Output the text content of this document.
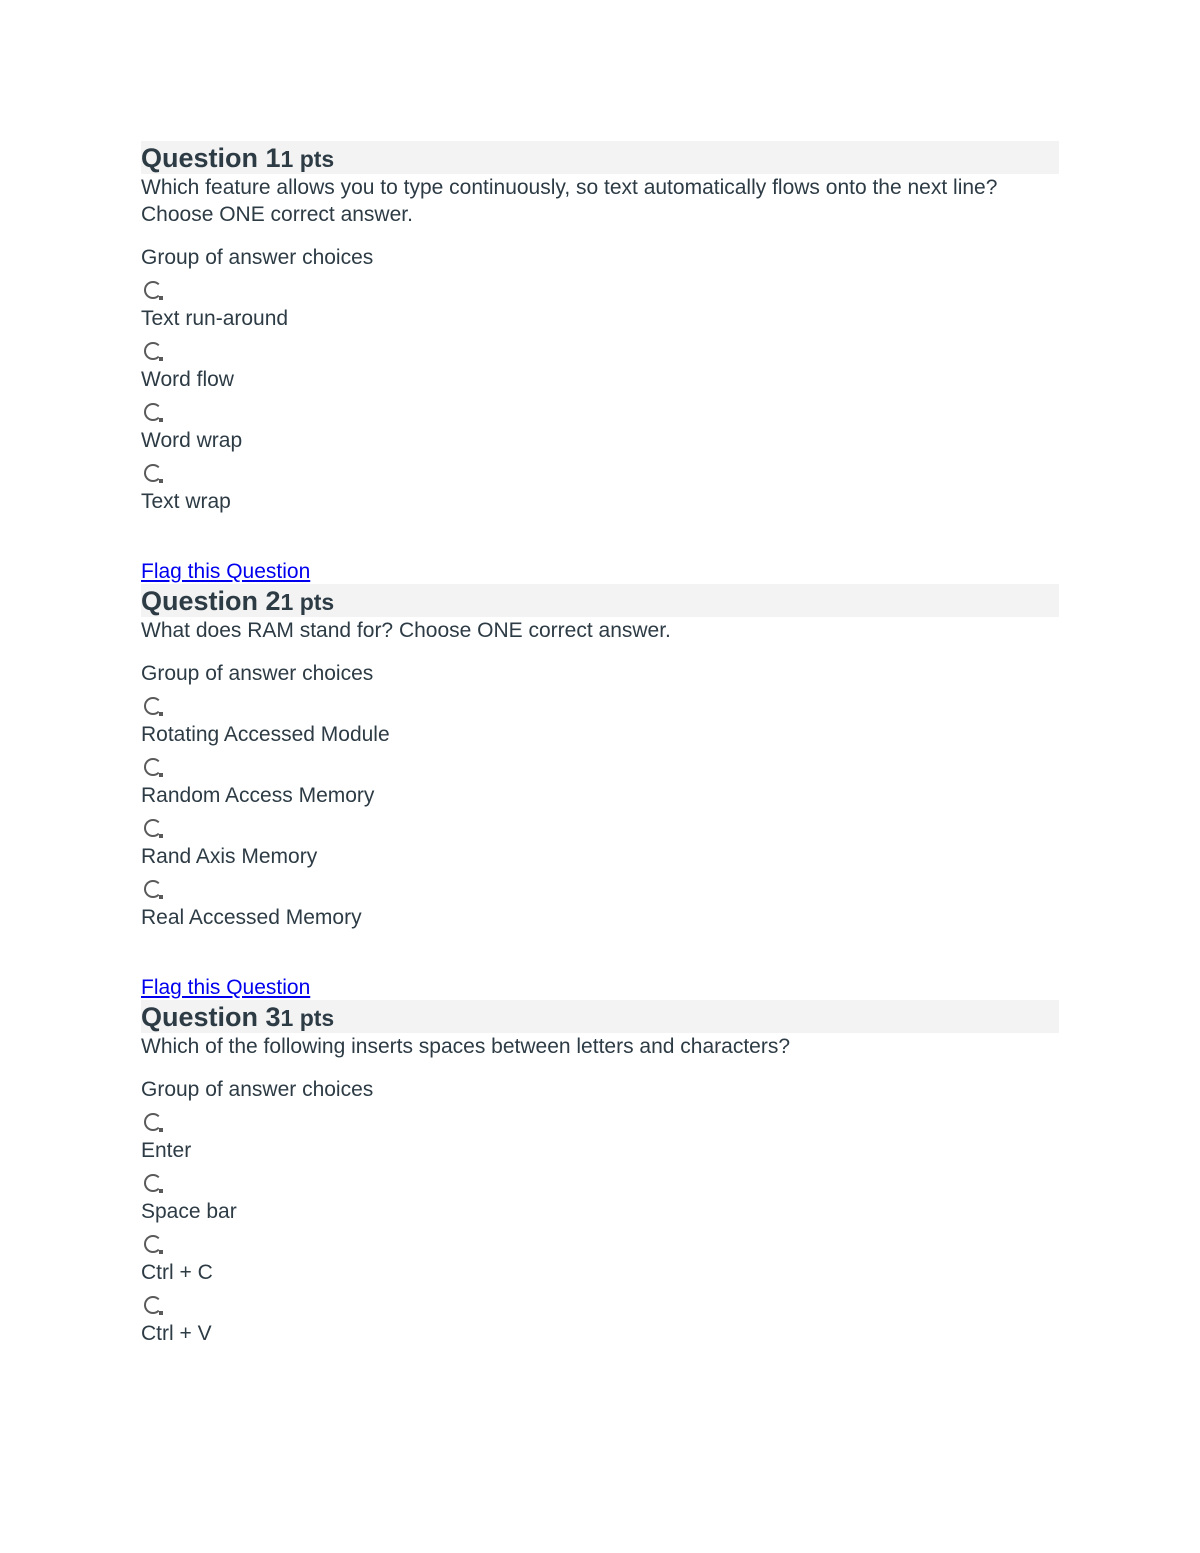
Question 11 pts
Which feature allows you to type continuously, so text automatically flows onto the next line? Choose ONE correct answer.
Group of answer choices
Text run-around
Word flow
Word wrap
Text wrap
Flag this Question
Question 21 pts
What does RAM stand for? Choose ONE correct answer.
Group of answer choices
Rotating Accessed Module
Random Access Memory
Rand Axis Memory
Real Accessed Memory
Flag this Question
Question 31 pts
Which of the following inserts spaces between letters and characters?
Group of answer choices
Enter
Space bar
Ctrl + C
Ctrl + V
